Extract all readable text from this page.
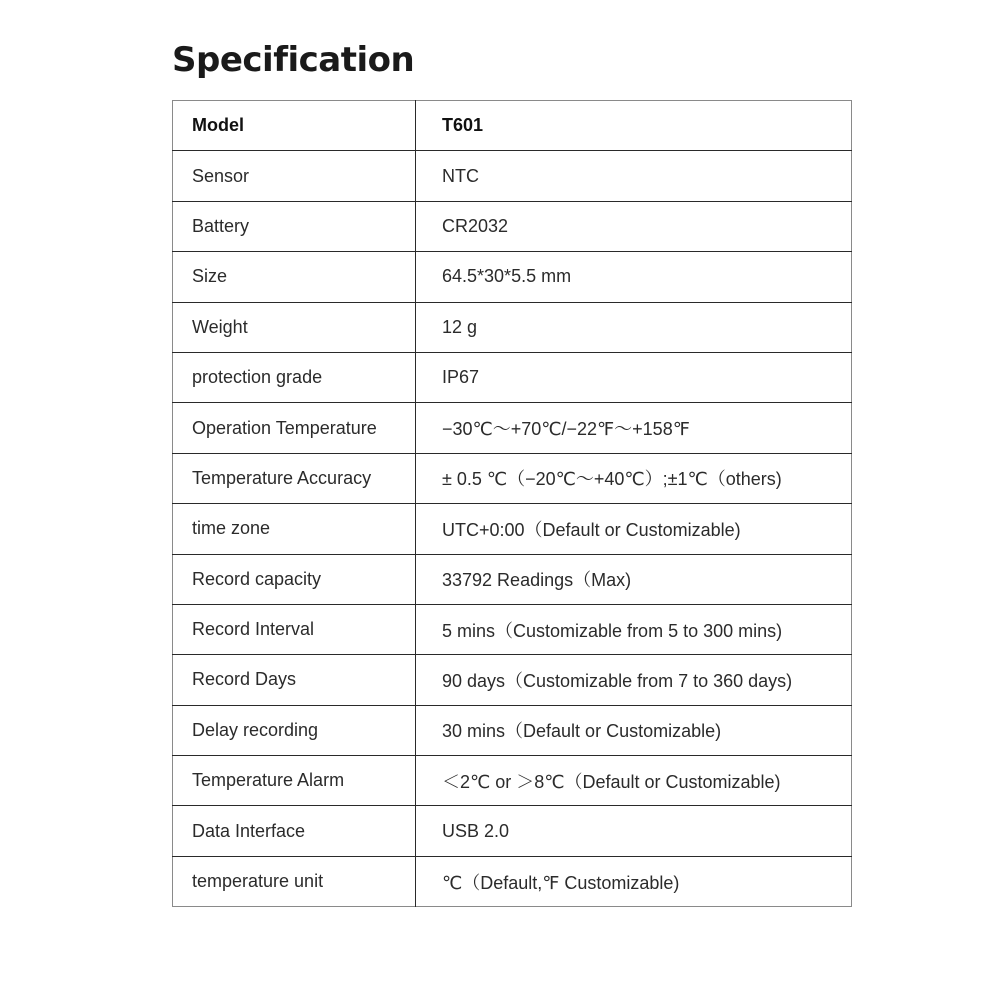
Specification
Model	T601
Sensor	NTC
Battery	CR2032
Size	64.5*30*5.5 mm
Weight	12 g
protection grade	IP67
Operation Temperature	−30℃～+70℃/−22℉～+158℉
Temperature Accuracy	± 0.5 ℃（−20℃～+40℃）;±1℃（others)
time zone	UTC+0:00（Default or Customizable)
Record capacity	33792 Readings（Max)
Record Interval	5 mins（Customizable from 5 to 300 mins)
Record Days	90 days（Customizable from 7 to 360 days)
Delay recording	30 mins（Default or Customizable)
Temperature Alarm	＜2℃ or ＞8℃（Default or Customizable)
Data Interface	USB 2.0
temperature unit	℃（Default,℉ Customizable)
